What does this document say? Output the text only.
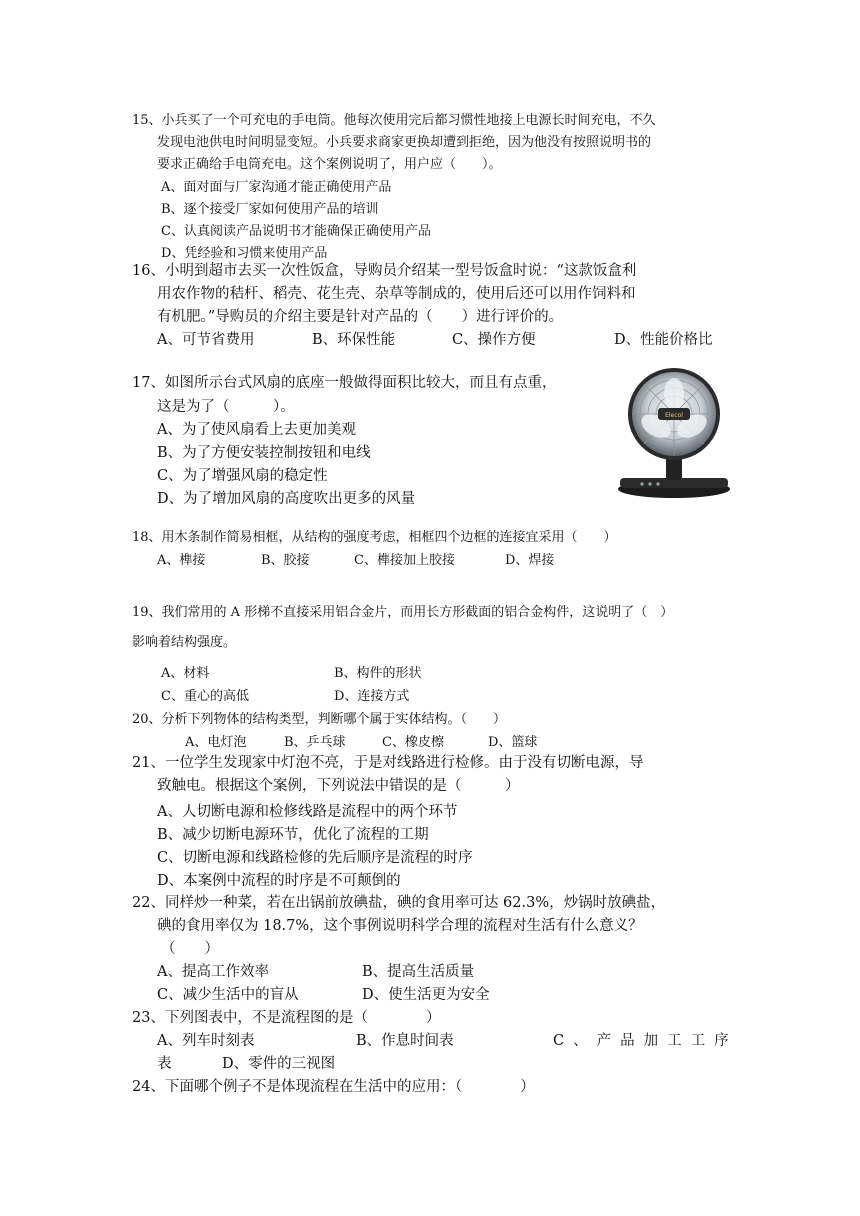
15、小兵买了一个可充电的手电筒。他每次使用完后都习惯性地接上电源长时间充电，不久
发现电池供电时间明显变短。小兵要求商家更换却遭到拒绝，因为他没有按照说明书的
要求正确给手电筒充电。这个案例说明了，用户应（　　）。
A、面对面与厂家沟通才能正确使用产品
B、逐个接受厂家如何使用产品的培训
C、认真阅读产品说明书才能确保正确使用产品
D、凭经验和习惯来使用产品
16、小明到超市去买一次性饭盒，导购员介绍某一型号饭盒时说：“这款饭盒利
用农作物的秸杆、稻壳、花生壳、杂草等制成的，使用后还可以用作饲料和
有机肥。”导购员的介绍主要是针对产品的（　　）进行评价的。
A、可节省费用	B、环保性能	C、操作方便	D、性能价格比
17、如图所示台式风扇的底座一般做得面积比较大，而且有点重，
这是为了（　　　）。
A、为了使风扇看上去更加美观
B、为了方便安装控制按钮和电线
C、为了增强风扇的稳定性
D、为了增加风扇的高度吹出更多的风量
Elecol
18、用木条制作简易相框，从结构的强度考虑，相框四个边框的连接宜采用（　　）
A、榫接	B、胶接	C、榫接加上胶接	D、焊接
19、我们常用的 A 形梯不直接采用铝合金片，而用长方形截面的铝合金构件，这说明了（　）
影响着结构强度。
A、材料	B、构件的形状
C、重心的高低	D、连接方式
20、分析下列物体的结构类型，判断哪个属于实体结构。（　　）
A、电灯泡	B、乒乓球	C、橡皮檫	D、篮球
21、一位学生发现家中灯泡不亮，于是对线路进行检修。由于没有切断电源，导
致触电。根据这个案例，下列说法中错误的是（　　　）
A、人切断电源和检修线路是流程中的两个环节
B、减少切断电源环节，优化了流程的工期
C、切断电源和线路检修的先后顺序是流程的时序
D、本案例中流程的时序是不可颠倒的
22、同样炒一种菜，若在出锅前放碘盐，碘的食用率可达 62.3%，炒锅时放碘盐，
碘的食用率仅为 18.7%，这个事例说明科学合理的流程对生活有什么意义？
（　　）
A、提高工作效率	B、提高生活质量
C、减少生活中的盲从	D、使生活更为安全
23、下列图表中，不是流程图的是（　　　　）
A、列车时刻表	B、作息时间表	C、产品加工工序
表	D、零件的三视图
24、下面哪个例子不是体现流程在生活中的应用：（　　　　）
